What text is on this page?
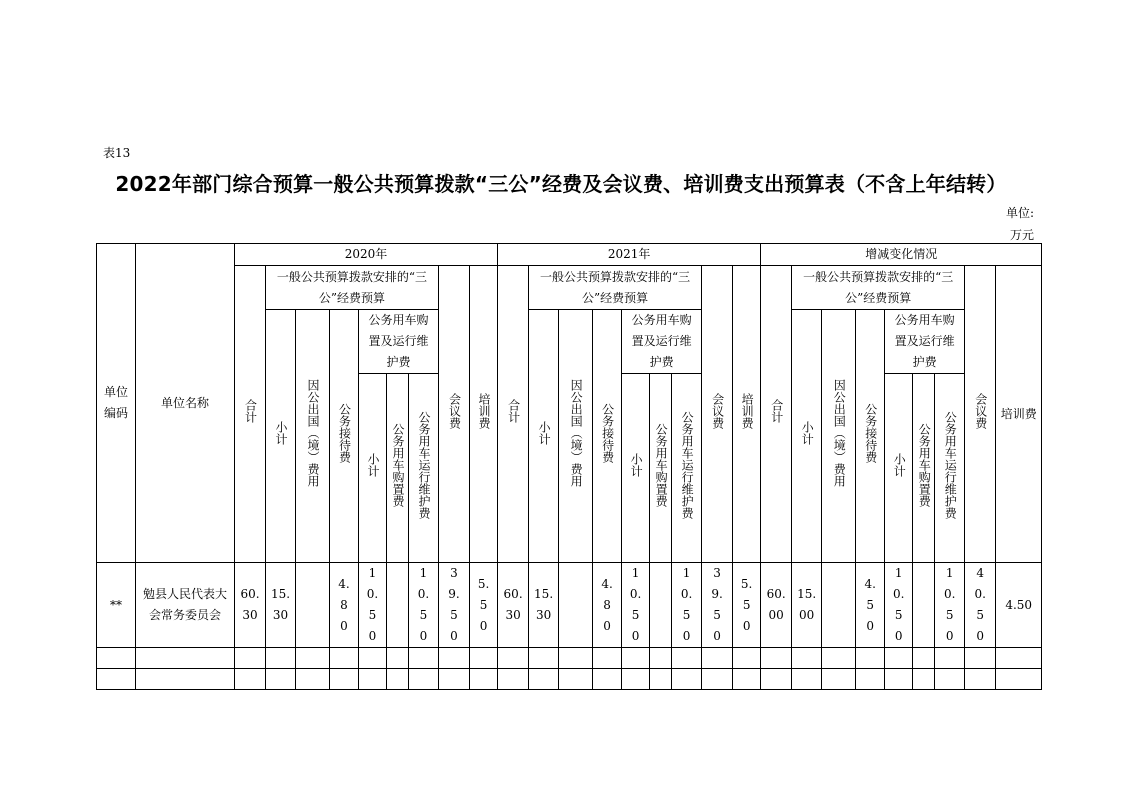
表13
2022年部门综合预算一般公共预算拨款“三公”经费及会议费、培训费支出预算表（不含上年结转）
单位:
万元
单位编码	单位名称	2020年									2021年									增减变化情况								
		合计	一般公共预算拨款安排的“三公”经费预算						会议费	培训费	合计	一般公共预算拨款安排的“三公”经费预算						会议费	培训费	合计	一般公共预算拨款安排的“三公”经费预算						会议费	培训费
			小计	因公出国（境）费用	公务接待费	公务用车购置及运行维护费						小计	因公出国（境）费用	公务接待费	公务用车购置及运行维护费						小计	因公出国（境）费用	公务接待费	公务用车购置及运行维护费				
						小计	公务用车购置费	公务用车运行维护费							小计	公务用车购置费	公务用车运行维护费							小计	公务用车购置费	公务用车运行维护费		

**	勉县人民代表大会常务委员会	60.30	15.30		4.80	10.50		10.50	39.50	5.50	60.30	15.30		4.80	10.50		10.50	39.50	5.50	60.00	15.00		4.50	10.50		10.50	40.50	4.50
